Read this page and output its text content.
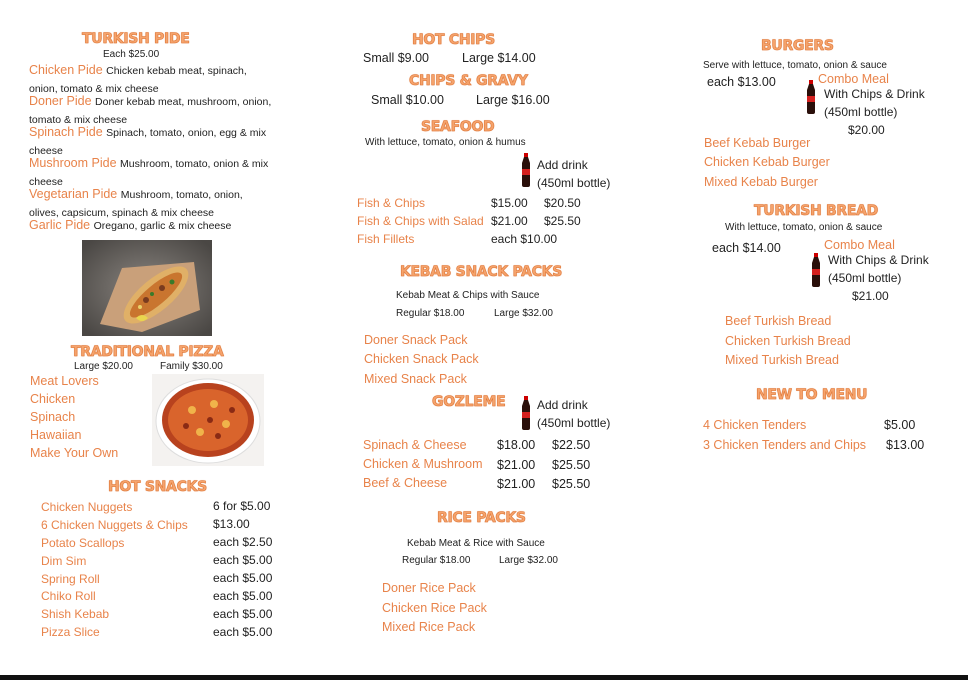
TURKISH PIDE
Each $25.00
Chicken Pide Chicken kebab meat, spinach, onion, tomato & mix cheese
Doner Pide Doner kebab meat, mushroom, onion, tomato & mix cheese
Spinach Pide Spinach, tomato, onion, egg & mix cheese
Mushroom Pide Mushroom, tomato, onion & mix cheese
Vegetarian Pide Mushroom, tomato, onion, olives, capsicum, spinach & mix cheese
Garlic Pide Oregano, garlic & mix cheese
TRADITIONAL PIZZA
Large $20.00	Family $30.00
Meat Lovers
Chicken
Spinach
Hawaiian
Make Your Own
HOT SNACKS
Chicken Nuggets	6 for $5.00
6 Chicken Nuggets & Chips $13.00
Potato Scallops	each $2.50
Dim Sim	each $5.00
Spring Roll	each $5.00
Chiko Roll	each $5.00
Shish Kebab	each $5.00
Pizza Slice	each $5.00
HOT CHIPS
Small $9.00	Large $14.00
CHIPS & GRAVY
Small $10.00	Large $16.00
SEAFOOD
With lettuce, tomato, onion & humus
Add drink
(450ml bottle)
Fish & Chips	$15.00 $20.50
Fish & Chips with Salad $21.00 $25.50
Fish Fillets	each $10.00
KEBAB SNACK PACKS
Kebab Meat & Chips with Sauce
Regular $18.00	Large $32.00
Doner Snack Pack
Chicken Snack Pack
Mixed Snack Pack
GOZLEME	Add drink
(450ml bottle)
Spinach & Cheese $18.00 $22.50
Chicken & Mushroom $21.00 $25.50
Beef & Cheese	$21.00 $25.50
RICE PACKS
Kebab Meat & Rice with Sauce
Regular $18.00	Large $32.00
Doner Rice Pack
Chicken Rice Pack
Mixed Rice Pack
BURGERS
Serve with lettuce, tomato, onion & sauce
each $13.00	Combo Meal
With Chips & Drink
(450ml bottle)
$20.00
Beef Kebab Burger
Chicken Kebab Burger
Mixed Kebab Burger
TURKISH BREAD
With lettuce, tomato, onion & sauce
each $14.00	Combo Meal
With Chips & Drink
(450ml bottle)
$21.00
Beef Turkish Bread
Chicken Turkish Bread
Mixed Turkish Bread
NEW TO MENU
4 Chicken Tenders	$5.00
3 Chicken Tenders and Chips $13.00
